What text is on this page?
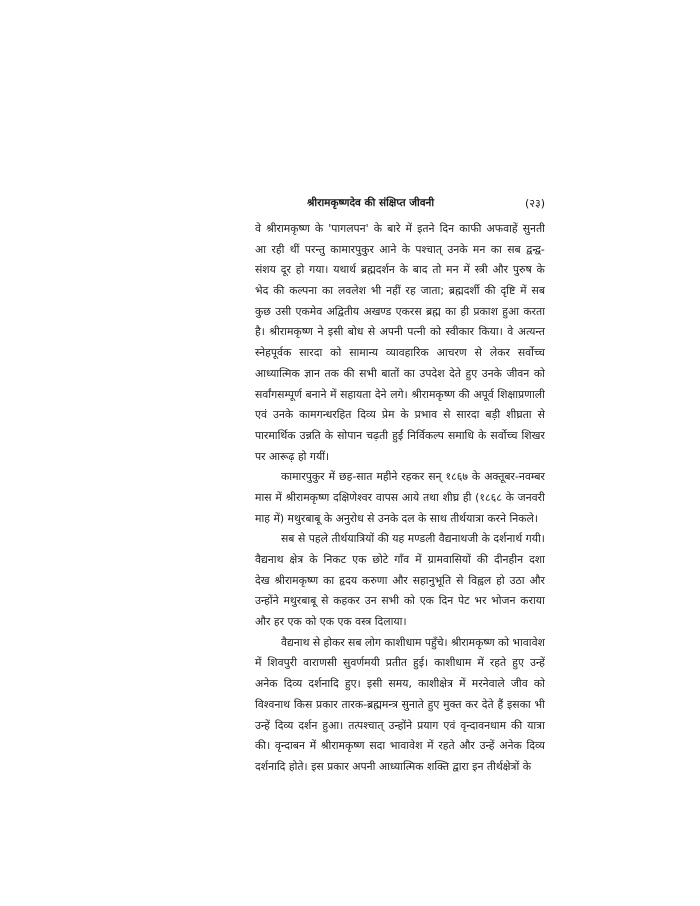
श्रीरामकृष्णदेव की संक्षिप्त जीवनी	(२३)
वे श्रीरामकृष्ण के 'पागलपन' के बारे में इतने दिन काफी अफवाहें सुनती
आ रही थीं परन्तु कामारपुकुर आने के पश्चात् उनके मन का सब द्वन्द्व-
संशय दूर हो गया। यथार्थ ब्रह्मदर्शन के बाद तो मन में स्त्री और पुरुष के
भेद की कल्पना का लवलेश भी नहीं रह जाता; ब्रह्मदर्शी की दृष्टि में सब
कुछ उसी एकमेव अद्वितीय अखण्ड एकरस ब्रह्म का ही प्रकाश हुआ करता
है। श्रीरामकृष्ण ने इसी बोध से अपनी पत्नी को स्वीकार किया। वे अत्यन्त
स्नेहपूर्वक सारदा को सामान्य व्यावहारिक आचरण से लेकर सर्वोच्च
आध्यात्मिक ज्ञान तक की सभी बातों का उपदेश देते हुए उनके जीवन को
सर्वांगसम्पूर्ण बनाने में सहायता देने लगे। श्रीरामकृष्ण की अपूर्व शिक्षाप्रणाली
एवं उनके कामगन्धरहित दिव्य प्रेम के प्रभाव से सारदा बड़ी शीघ्रता से
पारमार्थिक उन्नति के सोपान चढ़ती हुईं निर्विकल्प समाधि के सर्वोच्च शिखर
पर
आरूढ़
हो
गयीं।
कामारपुकुर में छह-सात महीने रहकर सन् १८६७ के अक्तूबर-नवम्बर
मास में श्रीरामकृष्ण दक्षिणेश्वर वापस आये तथा शीघ्र ही (१८६८ के जनवरी
माह
में)
मथुरबाबू
के
अनुरोध
से
उनके
दल
के
साथ
तीर्थयात्रा
करने
निकले।
सब से पहले तीर्थयात्रियों की यह मण्डली वैद्यनाथजी के दर्शनार्थ गयी।
वैद्यनाथ क्षेत्र के निकट एक छोटे गाँव में ग्रामवासियों की दीनहीन दशा
देख श्रीरामकृष्ण का हृदय करुणा और सहानुभूति से विह्वल हो उठा और
उन्होंने मथुरबाबू से कहकर उन सभी को एक दिन पेट भर भोजन कराया
और
हर
एक
को
एक
एक
वस्त्र
दिलाया।
वैद्यनाथ से होकर सब लोग काशीधाम पहुँचे। श्रीरामकृष्ण को भावावेश
में शिवपुरी वाराणसी सुवर्णमयी प्रतीत हुई। काशीधाम में रहते हुए उन्हें
अनेक दिव्य दर्शनादि हुए। इसी समय, काशीक्षेत्र में मरनेवाले जीव को
विश्वनाथ किस प्रकार तारक-ब्रह्ममन्त्र सुनाते हुए मुक्त कर देते हैं इसका भी
उन्हें दिव्य दर्शन हुआ। तत्पश्चात् उन्होंने प्रयाग एवं वृन्दावनधाम की यात्रा
की। वृन्दाबन में श्रीरामकृष्ण सदा भावावेश में रहते और उन्हें अनेक दिव्य
दर्शनादि
होते।
इस
प्रकार
अपनी
आध्यात्मिक
शक्ति
द्वारा
इन
तीर्थक्षेत्रों
के
